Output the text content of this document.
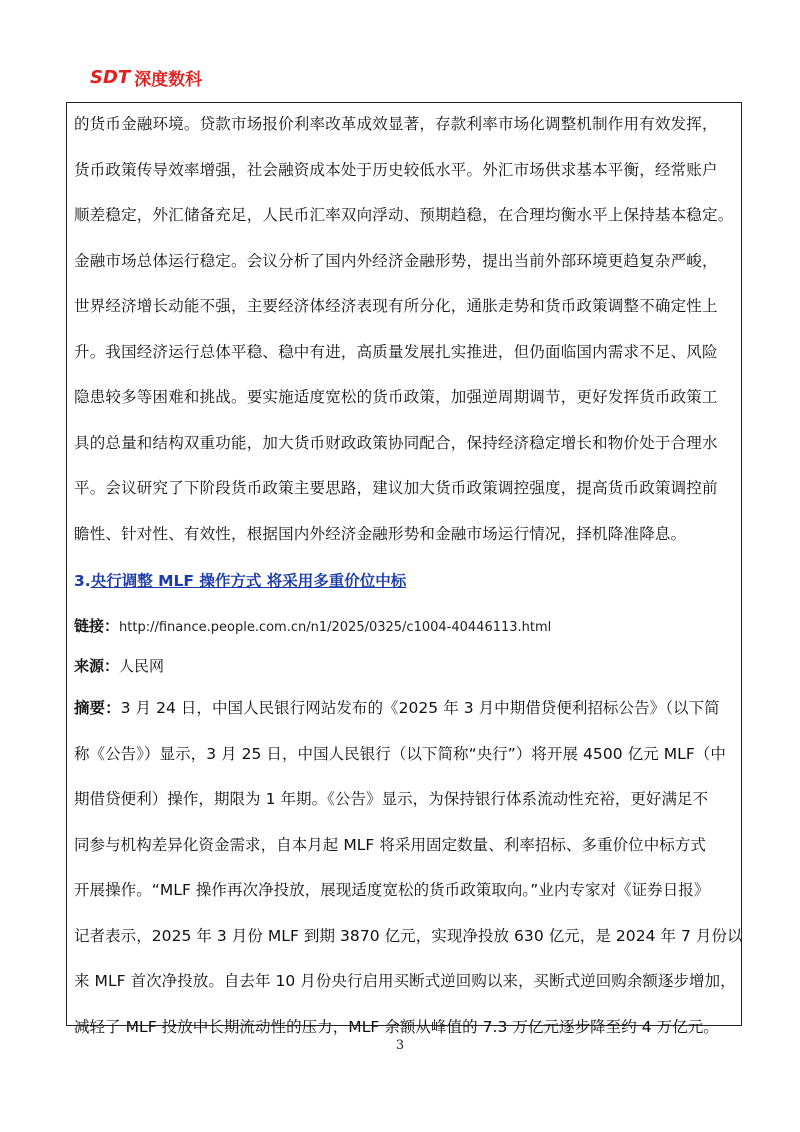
SDT 深度数科
的货币金融环境。贷款市场报价利率改革成效显著，存款利率市场化调整机制作用有效发挥，
货币政策传导效率增强，社会融资成本处于历史较低水平。外汇市场供求基本平衡，经常账户
顺差稳定，外汇储备充足，人民币汇率双向浮动、预期趋稳，在合理均衡水平上保持基本稳定。
金融市场总体运行稳定。会议分析了国内外经济金融形势，提出当前外部环境更趋复杂严峻，
世界经济增长动能不强，主要经济体经济表现有所分化，通胀走势和货币政策调整不确定性上
升。我国经济运行总体平稳、稳中有进，高质量发展扎实推进，但仍面临国内需求不足、风险
隐患较多等困难和挑战。要实施适度宽松的货币政策，加强逆周期调节，更好发挥货币政策工
具的总量和结构双重功能，加大货币财政政策协同配合，保持经济稳定增长和物价处于合理水
平。会议研究了下阶段货币政策主要思路，建议加大货币政策调控强度，提高货币政策调控前
瞻性、针对性、有效性，根据国内外经济金融形势和金融市场运行情况，择机降准降息。
3.央行调整 MLF 操作方式 将采用多重价位中标
链接：http://finance.people.com.cn/n1/2025/0325/c1004-40446113.html
来源：人民网
摘要：3 月 24 日，中国人民银行网站发布的《2025 年 3 月中期借贷便利招标公告》（以下简
称《公告》）显示，3 月 25 日，中国人民银行（以下简称“央行”）将开展 4500 亿元 MLF（中
期借贷便利）操作，期限为 1 年期。《公告》显示，为保持银行体系流动性充裕，更好满足不
同参与机构差异化资金需求，自本月起 MLF 将采用固定数量、利率招标、多重价位中标方式
开展操作。“MLF 操作再次净投放，展现适度宽松的货币政策取向。”业内专家对《证券日报》
记者表示，2025 年 3 月份 MLF 到期 3870 亿元，实现净投放 630 亿元，是 2024 年 7 月份以
来 MLF 首次净投放。自去年 10 月份央行启用买断式逆回购以来，买断式逆回购余额逐步增加，
减轻了 MLF 投放中长期流动性的压力，MLF 余额从峰值的 7.3 万亿元逐步降至约 4 万亿元。
3
